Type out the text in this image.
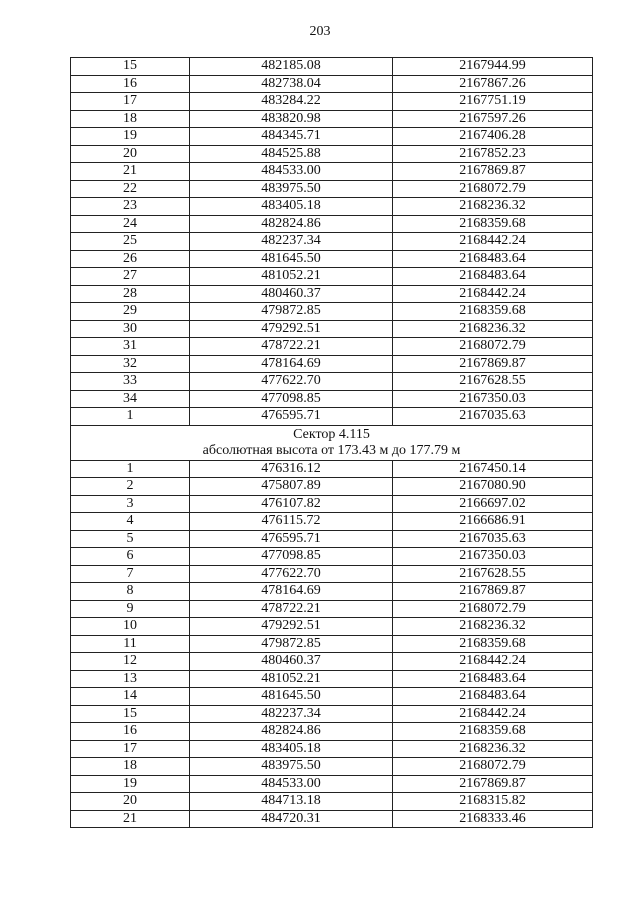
203
15	482185.08	2167944.99
16	482738.04	2167867.26
17	483284.22	2167751.19
18	483820.98	2167597.26
19	484345.71	2167406.28
20	484525.88	2167852.23
21	484533.00	2167869.87
22	483975.50	2168072.79
23	483405.18	2168236.32
24	482824.86	2168359.68
25	482237.34	2168442.24
26	481645.50	2168483.64
27	481052.21	2168483.64
28	480460.37	2168442.24
29	479872.85	2168359.68
30	479292.51	2168236.32
31	478722.21	2168072.79
32	478164.69	2167869.87
33	477622.70	2167628.55
34	477098.85	2167350.03
1	476595.71	2167035.63

Сектор 4.115
абсолютная высота от 173.43 м до 177.79 м		

1	476316.12	2167450.14
2	475807.89	2167080.90
3	476107.82	2166697.02
4	476115.72	2166686.91
5	476595.71	2167035.63
6	477098.85	2167350.03
7	477622.70	2167628.55
8	478164.69	2167869.87
9	478722.21	2168072.79
10	479292.51	2168236.32
11	479872.85	2168359.68
12	480460.37	2168442.24
13	481052.21	2168483.64
14	481645.50	2168483.64
15	482237.34	2168442.24
16	482824.86	2168359.68
17	483405.18	2168236.32
18	483975.50	2168072.79
19	484533.00	2167869.87
20	484713.18	2168315.82
21	484720.31	2168333.46
